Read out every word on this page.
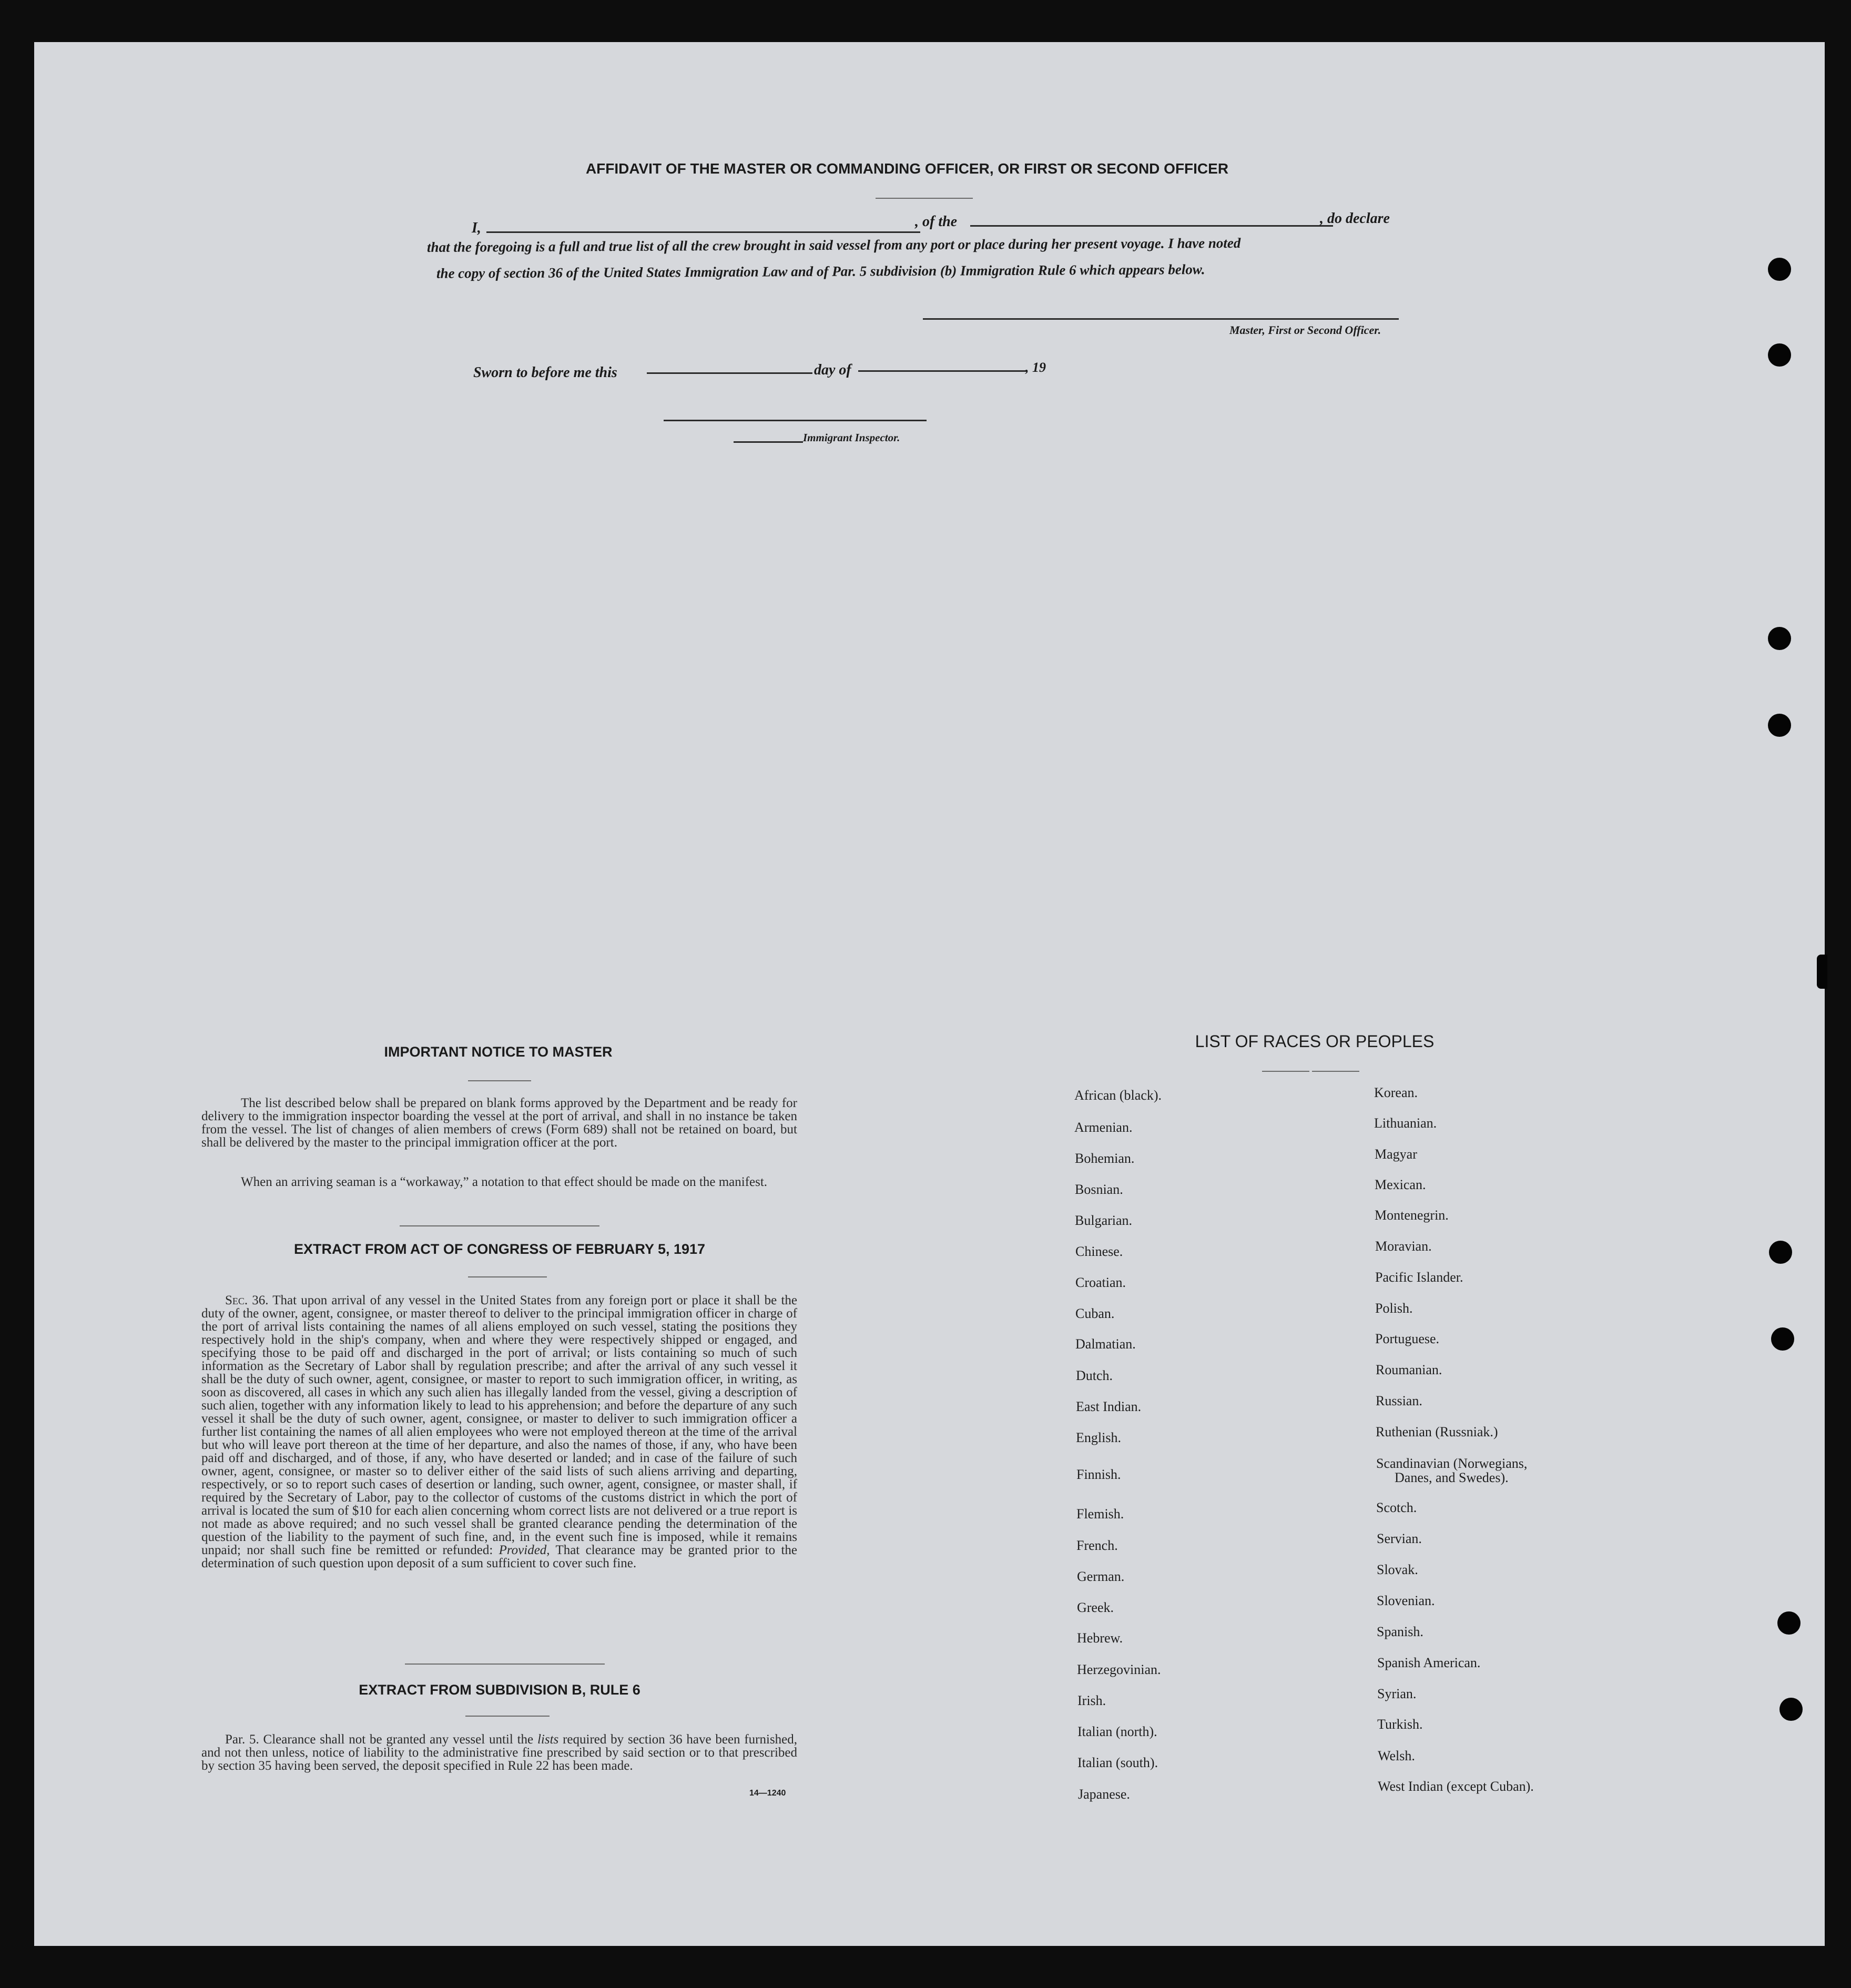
AFFIDAVIT OF THE MASTER OR COMMANDING OFFICER, OR FIRST OR SECOND OFFICER
I,	, of the	, do declare
that the foregoing is a full and true list of all the crew brought in said vessel from any port or place during her present voyage. I have noted
the copy of section 36 of the United States Immigration Law and of Par. 5 subdivision (b) Immigration Rule 6 which appears below.
Master, First or Second Officer.
Sworn to before me this	day of	, 19
Immigrant Inspector.
IMPORTANT NOTICE TO MASTER
The list described below shall be prepared on blank forms approved by the Department and be ready for delivery to the immigration inspector boarding the vessel at the port of arrival, and shall in no instance be taken from the vessel. The list of changes of alien members of crews (Form 689) shall not be retained on board, but shall be delivered by the master to the principal immigration officer at the port.
When an arriving seaman is a “workaway,” a notation to that effect should be made on the manifest.
EXTRACT FROM ACT OF CONGRESS OF FEBRUARY 5, 1917
Sec. 36. That upon arrival of any vessel in the United States from any foreign port or place it shall be the duty of the owner, agent, consignee, or master thereof to deliver to the principal immigration officer in charge of the port of arrival lists containing the names of all aliens employed on such vessel, stating the positions they respectively hold in the ship's company, when and where they were respectively shipped or engaged, and specifying those to be paid off and discharged in the port of arrival; or lists containing so much of such information as the Secretary of Labor shall by regulation prescribe; and after the arrival of any such vessel it shall be the duty of such owner, agent, consignee, or master to report to such immigration officer, in writing, as soon as discovered, all cases in which any such alien has illegally landed from the vessel, giving a description of such alien, together with any information likely to lead to his apprehension; and before the departure of any such vessel it shall be the duty of such owner, agent, consignee, or master to deliver to such immigration officer a further list containing the names of all alien employees who were not employed thereon at the time of the arrival but who will leave port thereon at the time of her departure, and also the names of those, if any, who have been paid off and discharged, and of those, if any, who have deserted or landed; and in case of the failure of such owner, agent, consignee, or master so to deliver either of the said lists of such aliens arriving and departing, respectively, or so to report such cases of desertion or landing, such owner, agent, consignee, or master shall, if required by the Secretary of Labor, pay to the collector of customs of the customs district in which the port of arrival is located the sum of $10 for each alien concerning whom correct lists are not delivered or a true report is not made as above required; and no such vessel shall be granted clearance pending the determination of the question of the liability to the payment of such fine, and, in the event such fine is imposed, while it remains unpaid; nor shall such fine be remitted or refunded: Provided, That clearance may be granted prior to the determination of such question upon deposit of a sum sufficient to cover such fine.
EXTRACT FROM SUBDIVISION B, RULE 6
Par. 5. Clearance shall not be granted any vessel until the lists required by section 36 have been furnished, and not then unless, notice of liability to the administrative fine prescribed by said section or to that prescribed by section 35 having been served, the deposit specified in Rule 22 has been made.
14—1240
LIST OF RACES OR PEOPLES
African (black).
Armenian.
Bohemian.
Bosnian.
Bulgarian.
Chinese.
Croatian.
Cuban.
Dalmatian.
Dutch.
East Indian.
English.
Finnish.
Flemish.
French.
German.
Greek.
Hebrew.
Herzegovinian.
Irish.
Italian (north).
Italian (south).
Japanese.
Korean.
Lithuanian.
Magyar
Mexican.
Montenegrin.
Moravian.
Pacific Islander.
Polish.
Portuguese.
Roumanian.
Russian.
Ruthenian (Russniak.)
Scandinavian (Norwegians,
Danes, and Swedes).
Scotch.
Servian.
Slovak.
Slovenian.
Spanish.
Spanish American.
Syrian.
Turkish.
Welsh.
West Indian (except Cuban).
